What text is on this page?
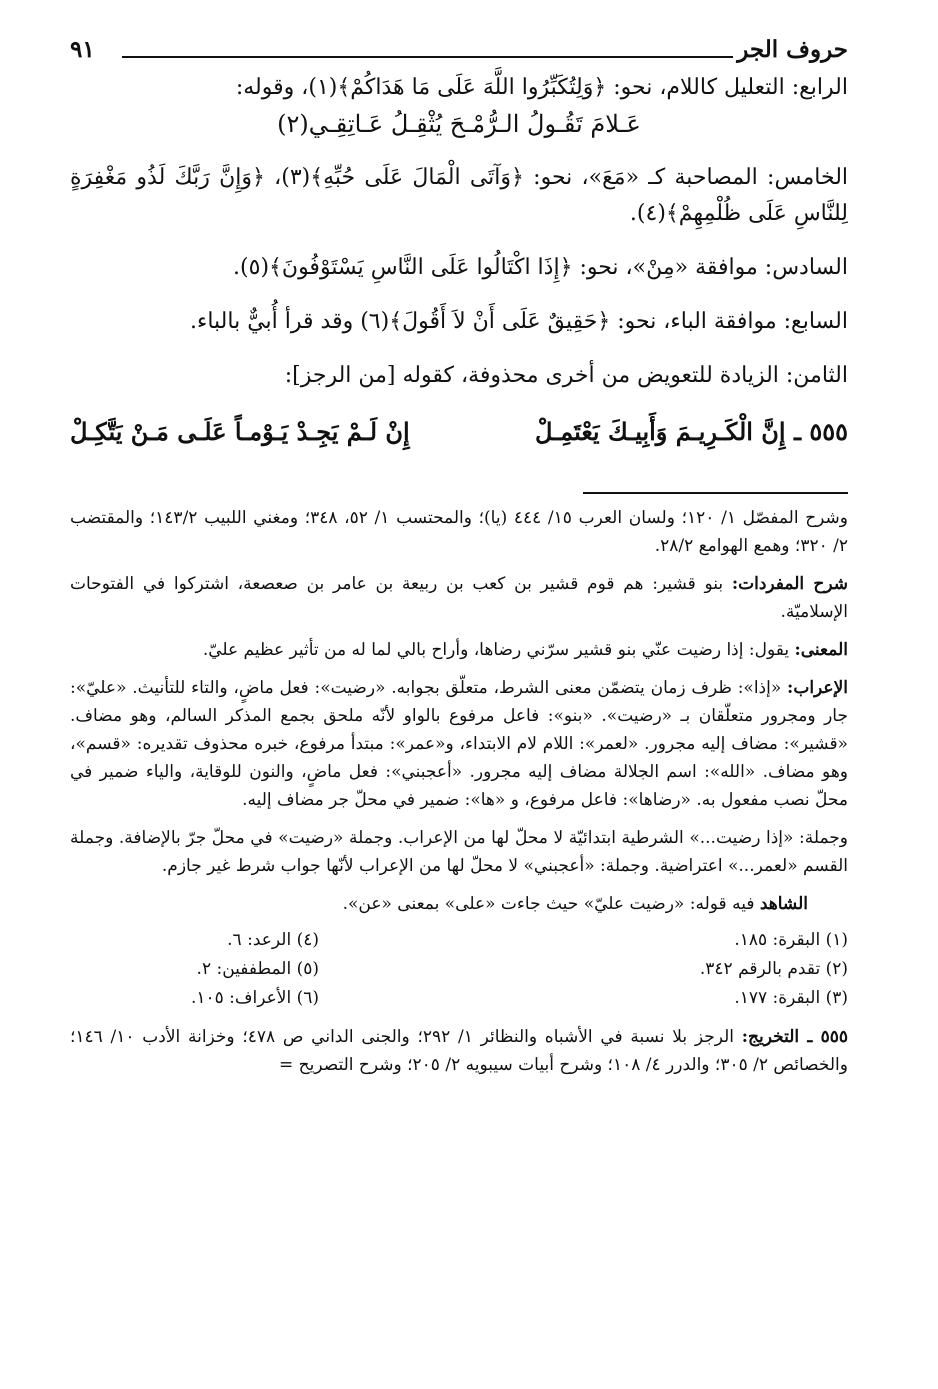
حروف الجر
٩١

الرابع: التعليل كاللام، نحو: ﴿وَلِتُكَبِّرُوا اللَّهَ عَلَى مَا هَدَاكُمْ﴾(١)، وقوله:

عَـلامَ تَقُـولُ الـرُّمْـحَ يُثْقِـلُ عَـاتِقِـي(٢)

الخامس: المصاحبة كـ «مَعَ»، نحو: ﴿وَآتَى الْمَالَ عَلَى حُبِّهِ﴾(٣)، ﴿وَإِنَّ رَبَّكَ لَذُو مَغْفِرَةٍ لِلنَّاسِ عَلَى ظُلْمِهِمْ﴾(٤).

السادس: موافقة «مِنْ»، نحو: ﴿إِذَا اكْتَالُوا عَلَى النَّاسِ يَسْتَوْفُونَ﴾(٥).

السابع: موافقة الباء، نحو: ﴿حَقِيقٌ عَلَى أَنْ لاَ أَقُولَ﴾(٦) وقد قرأ أُبيٌّ بالباء.

الثامن: الزيادة للتعويض من أخرى محذوفة، كقوله [من الرجز]:

٥٥٥ ـ إِنَّ الْكَـرِيـمَ وَأَبِيـكَ يَعْتَمِـلْ
إِنْ لَـمْ يَجِـدْ يَـوْمـاً عَلَـى مَـنْ يَتَّكِـلْ

وشرح المفصّل ١/ ١٢٠؛ ولسان العرب ١٥/ ٤٤٤ (يا)؛ والمحتسب ١/ ٥٢، ٣٤٨؛ ومغني اللبيب ١٤٣/٢؛ والمقتضب ٢/ ٣٢٠؛ وهمع الهوامع ٢٨/٢.

شرح المفردات: بنو قشير: هم قوم قشير بن كعب بن ربيعة بن عامر بن صعصعة، اشتركوا في الفتوحات الإسلاميّة.

المعنى: يقول: إذا رضيت عنّي بنو قشير سرّني رضاها، وأراح بالي لما له من تأثير عظيم عليّ.

الإعراب: «إذا»: ظرف زمان يتضمّن معنى الشرط، متعلّق بجوابه. «رضيت»: فعل ماضٍ، والتاء للتأنيث. «عليّ»: جار ومجرور متعلّقان بـ «رضيت». «بنو»: فاعل مرفوع بالواو لأنّه ملحق بجمع المذكر السالم، وهو مضاف. «قشير»: مضاف إليه مجرور. «لعمر»: اللام لام الابتداء، و«عمر»: مبتدأ مرفوع، خبره محذوف تقديره: «قسم»، وهو مضاف. «الله»: اسم الجلالة مضاف إليه مجرور. «أعجبني»: فعل ماضٍ، والنون للوقاية، والياء ضمير في محلّ نصب مفعول به. «رضاها»: فاعل مرفوع، و «ها»: ضمير في محلّ جر مضاف إليه.

وجملة: «إذا رضيت...» الشرطية ابتدائيّة لا محلّ لها من الإعراب. وجملة «رضيت» في محلّ جرّ بالإضافة. وجملة القسم «لعمر...» اعتراضية. وجملة: «أعجبني» لا محلّ لها من الإعراب لأنّها جواب شرط غير جازم.

الشاهد فيه قوله: «رضيت عليّ» حيث جاءت «على» بمعنى «عن».

(١) البقرة: ١٨٥.
(٢) تقدم بالرقم ٣٤٢.
(٣) البقرة: ١٧٧.
(٤) الرعد: ٦.
(٥) المطففين: ٢.
(٦) الأعراف: ١٠٥.

٥٥٥ ـ التخريج: الرجز بلا نسبة في الأشباه والنظائر ١/ ٢٩٢؛ والجنى الداني ص ٤٧٨؛ وخزانة الأدب ١٠/ ١٤٦؛ والخصائص ٢/ ٣٠٥؛ والدرر ٤/ ١٠٨؛ وشرح أبيات سيبويه ٢/ ٢٠٥؛ وشرح التصريح =
